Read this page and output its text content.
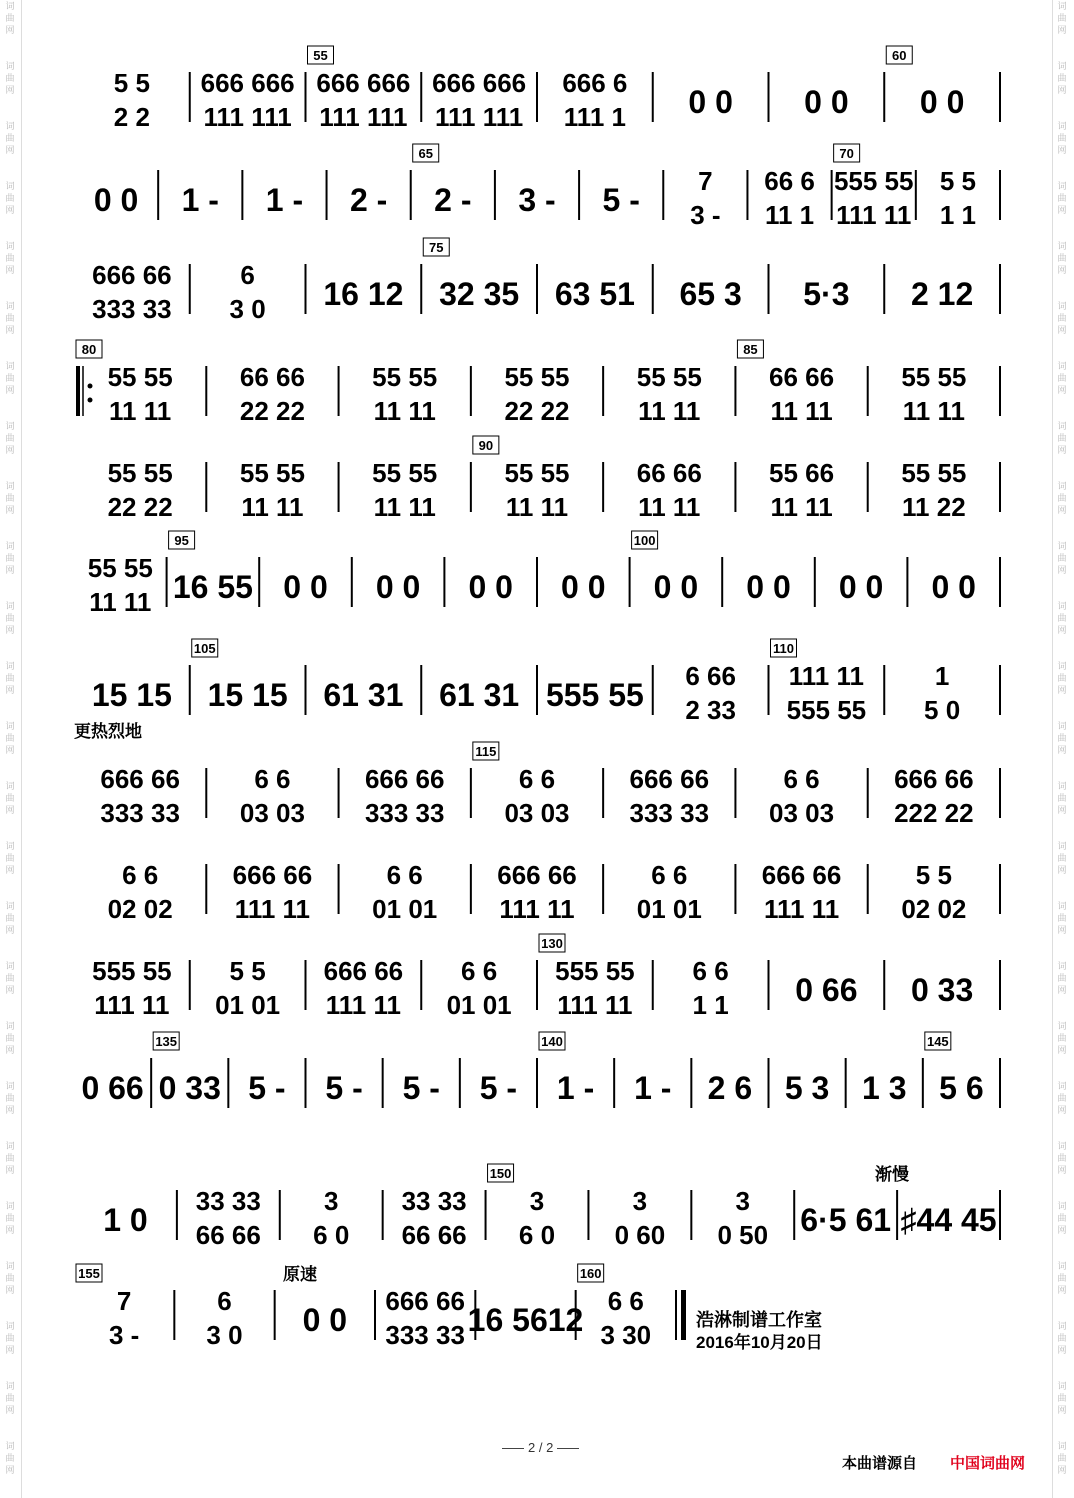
词
曲
网
词
曲
网
词
曲
网
词
曲
网
词
曲
网
词
曲
网
词
曲
网
词
曲
网
词
曲
网
词
曲
网
词
曲
网
词
曲
网
词
曲
网
词
曲
网
词
曲
网
词
曲
网
词
曲
网
词
曲
网
词
曲
网
词
曲
网
词
曲
网
词
曲
网
词
曲
网
词
曲
网
词
曲
网
词
曲
网
词
曲
网
词
曲
网
词
曲
网
词
曲
网
词
曲
网
词
曲
网
词
曲
网
词
曲
网
词
曲
网
词
曲
网
词
曲
网
词
曲
网
词
曲
网
词
曲
网
词
曲
网
词
曲
网
词
曲
网
词
曲
网
词
曲
网
词
曲
网
词
曲
网
词
曲
网
词
曲
网
词
曲
网
5 5
2 2
666 666
111 111
666 666
111 111
55
666 666
111 111
666 6
111 1 0 0 0 0 0 0
60
0 0 1 - 1 - 2 - 2 -
65
3 - 5 -
7
3 -
66 6
11 1
555 55
111 11
70
5 5
1 1
666 66
333 33
6
3 0 16 12 32 35
75
63 51 65 3 5·3 2 12
55 55
11 11
80
66 66
22 22
55 55
11 11
55 55
22 22
55 55
11 11
66 66
11 11
85
55 55
11 11
55 55
22 22
55 55
11 11
55 55
11 11
55 55
11 11
90
66 66
11 11
55 66
11 11
55 55
11 22
55 55
11 11 16 55
95
0 0 0 0 0 0 0 0 0 0
100
0 0 0 0 0 0
15 15 15 15
105
61 31 61 31 555 55
6 66
2 33
111 11
555 55
110
1
5 0
更热烈地
666 66
333 33
6 6
03 03
666 66
333 33
6 6
03 03
115
666 66
333 33
6 6
03 03
666 66
222 22
6 6
02 02
666 66
111 11
6 6
01 01
666 66
111 11
6 6
01 01
666 66
111 11
5 5
02 02
555 55
111 11
5 5
01 01
666 66
111 11
6 6
01 01
555 55
111 11
130
6 6
1 1 0 66 0 33
0 66 0 33
135
5 - 5 - 5 - 5 - 1 -
140
1 - 2 6 5 3 1 3 5 6
145
1 0
33 33
66 66
3
6 0
33 33
66 66
3
6 0
150
3
0 60
3
0 50 6·5 61 ♯44 45
渐慢
7
3 -
155
6
3 0 0 0
666 66
333 33 16 5612
6 6
3 30
160
原速
浩淋制谱工作室
2016年10月20日
2 / 2
本曲谱源自 中国词曲网
